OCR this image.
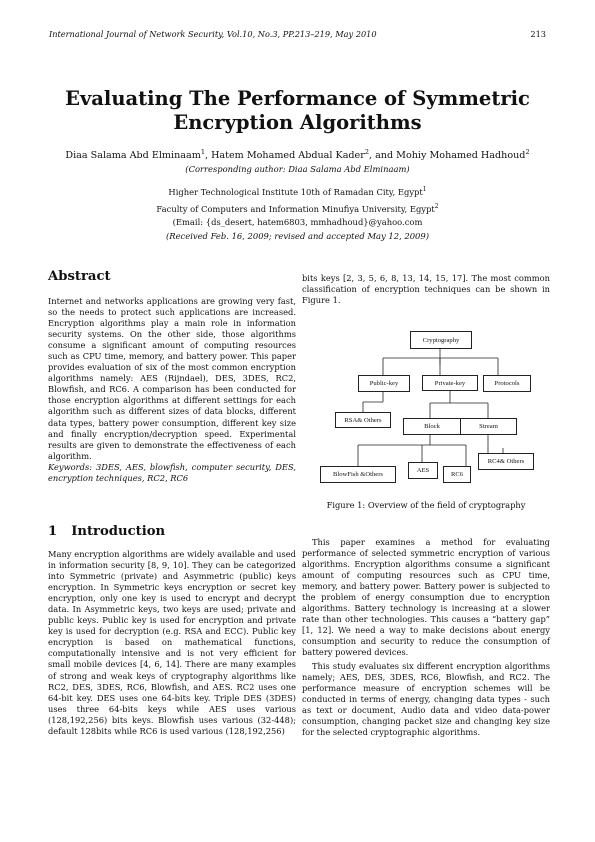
International Journal of Network Security, Vol.10, No.3, PP.213–219, May 2010	213
Evaluating The Performance of Symmetric
Encryption Algorithms
Diaa Salama Abd Elminaam$^1$, Hatem Mohamed Abdual Kader$^2$, and Mohiy Mohamed Hadhoud$^2$
(Corresponding author: Diaa Salama Abd Elminaam)
Higher Technological Institute 10th of Ramadan City, Egypt$^1$
Faculty of Computers and Information Minufiya University, Egypt$^2$
(Email: {ds_desert, hatem6803, mmhadhoud}@yahoo.com
(Received Feb. 16, 2009; revised and accepted May 12, 2009)
Abstract

Internet and networks applications are growing very fast, so the needs to protect such applications are increased. Encryption algorithms play a main role in information security systems. On the other side, those algorithms consume a significant amount of computing resources such as CPU time, memory, and battery power. This paper provides evaluation of six of the most common encryption algorithms namely: AES (Rijndael), DES, 3DES, RC2, Blowfish, and RC6. A comparison has been conducted for those encryption algorithms at different settings for each algorithm such as different sizes of data blocks, different data types, battery power consumption, different key size and finally encryption/decryption speed. Experimental results are given to demonstrate the effectiveness of each algorithm.

Keywords: 3DES, AES, blowfish, computer security, DES, encryption techniques, RC2, RC6

1 Introduction

Many encryption algorithms are widely available and used in information security [8, 9, 10]. They can be categorized into Symmetric (private) and Asymmetric (public) keys encryption. In Symmetric keys encryption or secret key encryption, only one key is used to encrypt and decrypt data. In Asymmetric keys, two keys are used; private and public keys. Public key is used for encryption and private key is used for decryption (e.g. RSA and ECC). Public key encryption is based on mathematical functions, computationally intensive and is not very efficient for small mobile devices [4, 6, 14]. There are many examples of strong and weak keys of cryptography algorithms like RC2, DES, 3DES, RC6, Blowfish, and AES. RC2 uses one 64-bit key. DES uses one 64-bits key. Triple DES (3DES) uses three 64-bits keys while AES uses various (128,192,256) bits keys. Blowfish uses various (32-448); default 128bits while RC6 is used various (128,192,256)

bits keys [2, 3, 5, 6, 8, 13, 14, 15, 17]. The most common classification of encryption techniques can be shown in Figure 1.

Cryptography
Public-key	Private-key	Protocols
RSA& Others
Block	Stream
RC4& Others
BlowFish &Others
AES
RC6
Figure 1: Overview of the field of cryptography

This paper examines a method for evaluating performance of selected symmetric encryption of various algorithms. Encryption algorithms consume a significant amount of computing resources such as CPU time, memory, and battery power. Battery power is subjected to the problem of energy consumption due to encryption algorithms. Battery technology is increasing at a slower rate than other technologies. This causes a “battery gap” [1, 12]. We need a way to make decisions about energy consumption and security to reduce the consumption of battery powered devices.

This study evaluates six different encryption algorithms namely; AES, DES, 3DES, RC6, Blowfish, and RC2. The performance measure of encryption schemes will be conducted in terms of energy, changing data types - such as text or document, Audio data and video data-power consumption, changing packet size and changing key size for the selected cryptographic algorithms.
